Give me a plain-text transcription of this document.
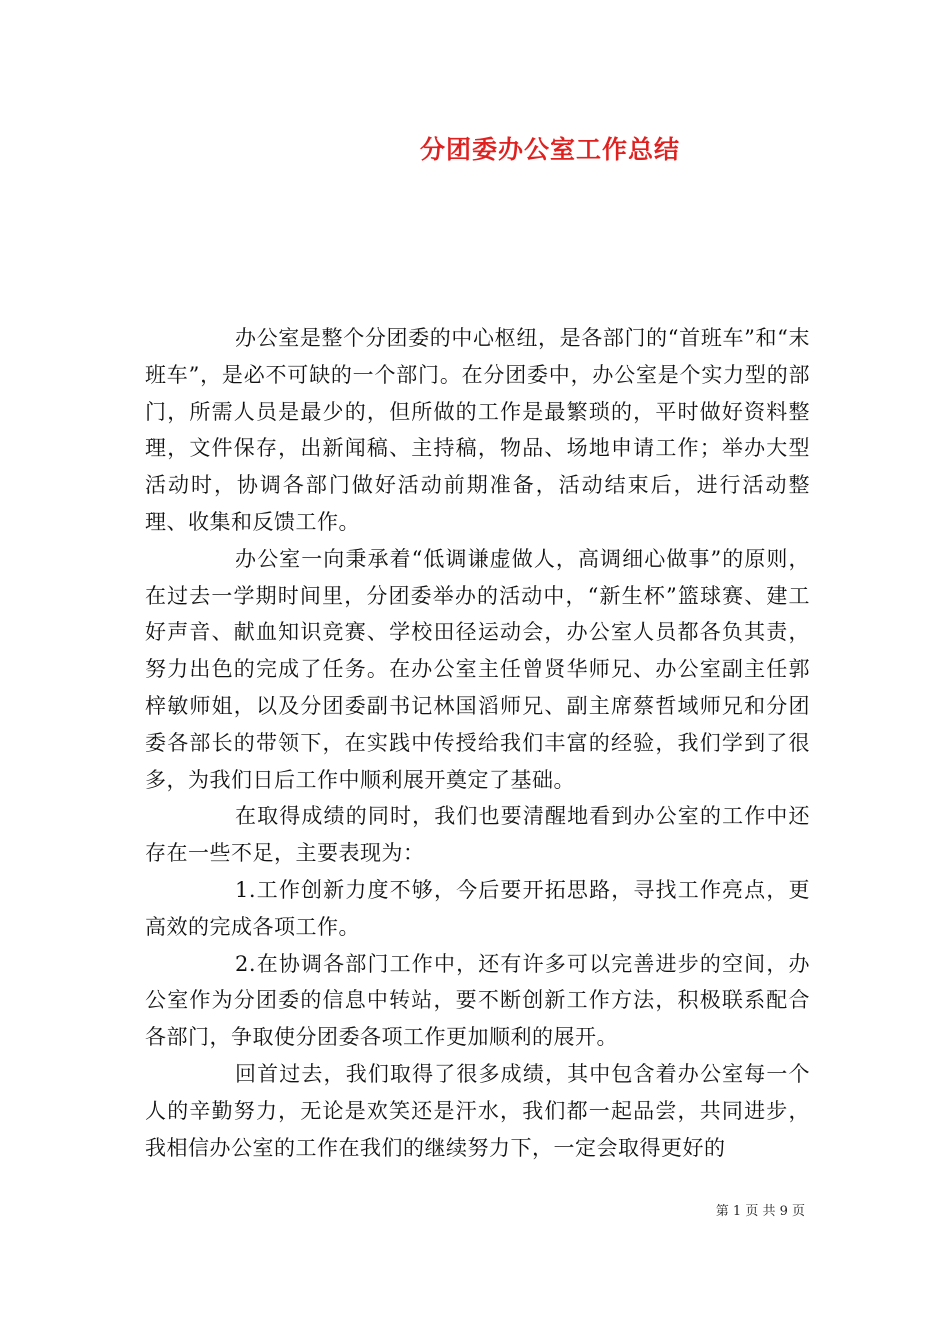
分团委办公室工作总结

办公室是整个分团委的中心枢纽，是各部门的“首班车”和“末班车”，是必不可缺的一个部门。在分团委中，办公室是个实力型的部门，所需人员是最少的，但所做的工作是最繁琐的，平时做好资料整理，文件保存，出新闻稿、主持稿，物品、场地申请工作；举办大型活动时，协调各部门做好活动前期准备，活动结束后，进行活动整理、收集和反馈工作。

办公室一向秉承着“低调谦虚做人，高调细心做事”的原则，在过去一学期时间里，分团委举办的活动中，“新生杯”篮球赛、建工好声音、献血知识竞赛、学校田径运动会，办公室人员都各负其责，努力出色的完成了任务。在办公室主任曾贤华师兄、办公室副主任郭梓敏师姐，以及分团委副书记林国滔师兄、副主席蔡哲域师兄和分团委各部长的带领下，在实践中传授给我们丰富的经验，我们学到了很多，为我们日后工作中顺利展开奠定了基础。

在取得成绩的同时，我们也要清醒地看到办公室的工作中还存在一些不足，主要表现为：

1.工作创新力度不够，今后要开拓思路，寻找工作亮点，更高效的完成各项工作。

2.在协调各部门工作中，还有许多可以完善进步的空间，办公室作为分团委的信息中转站，要不断创新工作方法，积极联系配合各部门，争取使分团委各项工作更加顺利的展开。

回首过去，我们取得了很多成绩，其中包含着办公室每一个人的辛勤努力，无论是欢笑还是汗水，我们都一起品尝，共同进步，我相信办公室的工作在我们的继续努力下，一定会取得更好的

第 1 页 共 9 页
